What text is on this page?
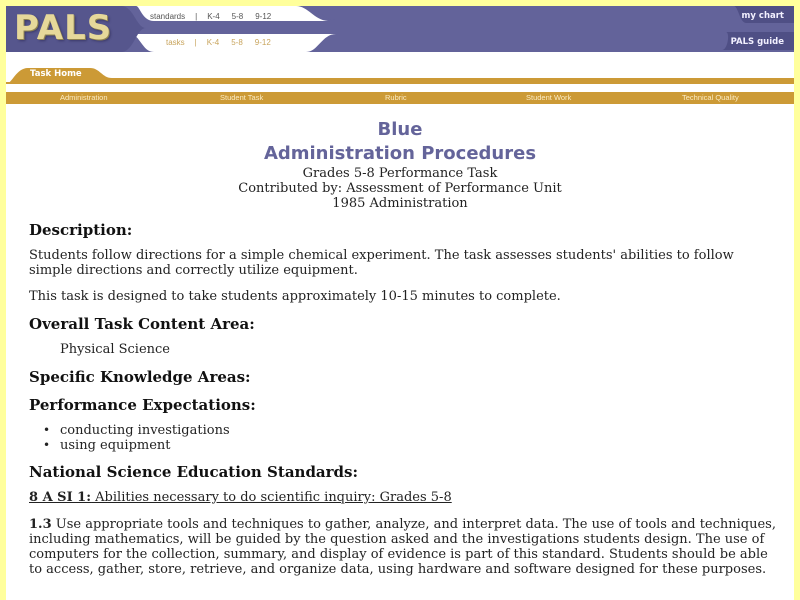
PALS	standards | K-4 5-8 9-12
tasks | K-4 5-8 9-12
my chart
PALS guide
Task Home
Administration	Student Task	Rubric	Student Work	Technical Quality
Blue
Administration Procedures
Grades 5-8 Performance Task
Contributed by: Assessment of Performance Unit
1985 Administration
Description:

Students follow directions for a simple chemical experiment. The task assesses students' abilities to follow simple directions and correctly utilize equipment.

This task is designed to take students approximately 10-15 minutes to complete.

Overall Task Content Area:

Physical Science

Specific Knowledge Areas:
Performance Expectations:
• conducting investigations
• using equipment
National Science Education Standards:
8 A SI 1: Abilities necessary to do scientific inquiry: Grades 5-8

1.3 Use appropriate tools and techniques to gather, analyze, and interpret data. The use of tools and techniques, including mathematics, will be guided by the question asked and the investigations students design. The use of computers for the collection, summary, and display of evidence is part of this standard. Students should be able to access, gather, store, retrieve, and organize data, using hardware and software designed for these purposes.
